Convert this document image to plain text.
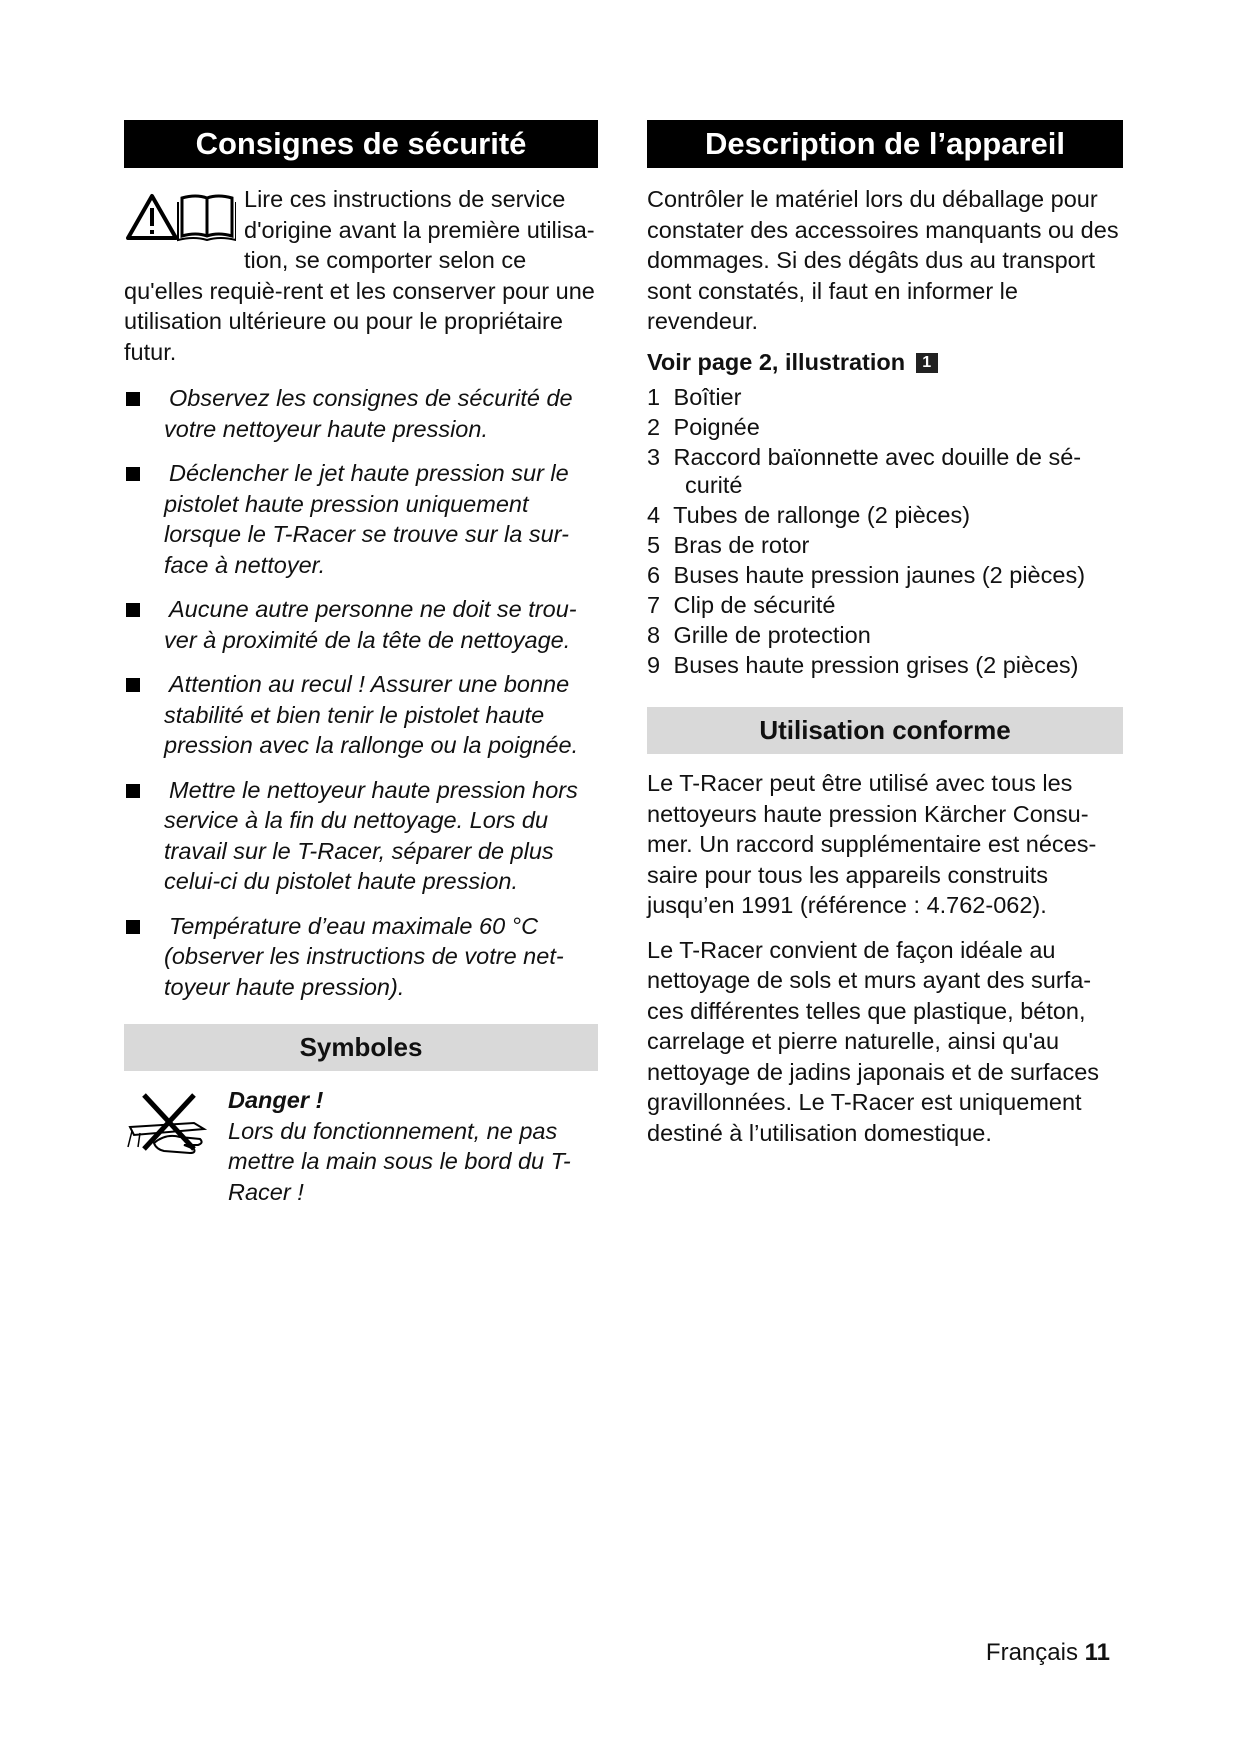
Consignes de sécurité

Lire ces instructions de service d'origine avant la première utilisa-tion, se comporter selon ce qu'elles requiè-rent et les conserver pour une utilisation ultérieure ou pour le propriétaire futur.

Observez les consignes de sécurité de votre nettoyeur haute pression.
Déclencher le jet haute pression sur le pistolet haute pression uniquement lorsque le T-Racer se trouve sur la sur-face à nettoyer.
Aucune autre personne ne doit se trou-ver à proximité de la tête de nettoyage.
Attention au recul ! Assurer une bonne stabilité et bien tenir le pistolet haute pression avec la rallonge ou la poignée.
Mettre le nettoyeur haute pression hors service à la fin du nettoyage. Lors du travail sur le T-Racer, séparer de plus celui-ci du pistolet haute pression.
Température d’eau maximale 60 °C (observer les instructions de votre net-toyeur haute pression).
Symboles
Danger !

Lors du fonctionnement, ne pas mettre la main sous le bord du T-Racer !

Description de l’appareil

Contrôler le matériel lors du déballage pour constater des accessoires manquants ou des dommages. Si des dégâts dus au transport sont constatés, il faut en informer le revendeur.

Voir page 2, illustration 1

1 Boîtier
2 Poignée
3 Raccord baïonnette avec douille de sé-curité
4 Tubes de rallonge (2 pièces)
5 Bras de rotor
6 Buses haute pression jaunes (2 pièces)
7 Clip de sécurité
8 Grille de protection
9 Buses haute pression grises (2 pièces)
Utilisation conforme

Le T-Racer peut être utilisé avec tous les nettoyeurs haute pression Kärcher Consu-mer. Un raccord supplémentaire est néces-saire pour tous les appareils construits jusqu’en 1991 (référence : 4.762-062).

Le T-Racer convient de façon idéale au nettoyage de sols et murs ayant des surfa-ces différentes telles que plastique, béton, carrelage et pierre naturelle, ainsi qu'au nettoyage de jadins japonais et de surfaces gravillonnées. Le T-Racer est uniquement destiné à l’utilisation domestique.

Français 11
